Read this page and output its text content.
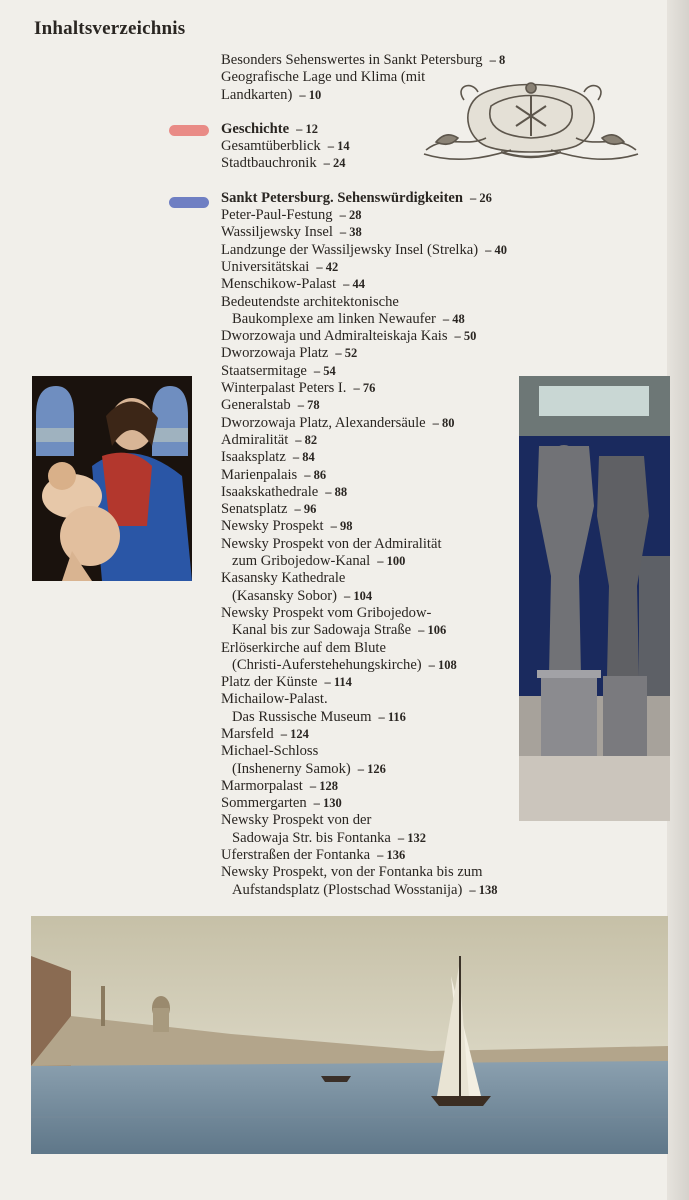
Inhaltsverzeichnis
Besonders Sehenswertes in Sankt Petersburg – 8
Geografische Lage und Klima (mit
Landkarten) – 10
Geschichte – 12
Gesamtüberblick – 14
Stadtbauchronik – 24
Sankt Petersburg. Sehenswürdigkeiten – 26
Peter-Paul-Festung – 28
Wassiljewsky Insel – 38
Landzunge der Wassiljewsky Insel (Strelka) – 40
Universitätskai – 42
Menschikow-Palast – 44
Bedeutendste architektonische
Baukomplexe am linken Newaufer – 48
Dworzowaja und Admiralteiskaja Kais – 50
Dworzowaja Platz – 52
Staatsermitage – 54
Winterpalast Peters I. – 76
Generalstab – 78
Dworzowaja Platz, Alexandersäule – 80
Admiralität – 82
Isaaksplatz – 84
Marienpalais – 86
Isaakskathedrale – 88
Senatsplatz – 96
Newsky Prospekt – 98
Newsky Prospekt von der Admiralität
zum Gribojedow-Kanal – 100
Kasansky Kathedrale
(Kasansky Sobor) – 104
Newsky Prospekt vom Gribojedow-
Kanal bis zur Sadowaja Straße – 106
Erlöserkirche auf dem Blute
(Christi-Auferstehehungskirche) – 108
Platz der Künste – 114
Michailow-Palast.
Das Russische Museum – 116
Marsfeld – 124
Michael-Schloss
(Inshenerny Samok) – 126
Marmorpalast – 128
Sommergarten – 130
Newsky Prospekt von der
Sadowaja Str. bis Fontanka – 132
Uferstraßen der Fontanka – 136
Newsky Prospekt, von der Fontanka bis zum
Aufstandsplatz (Plostschad Wosstanija) – 138
